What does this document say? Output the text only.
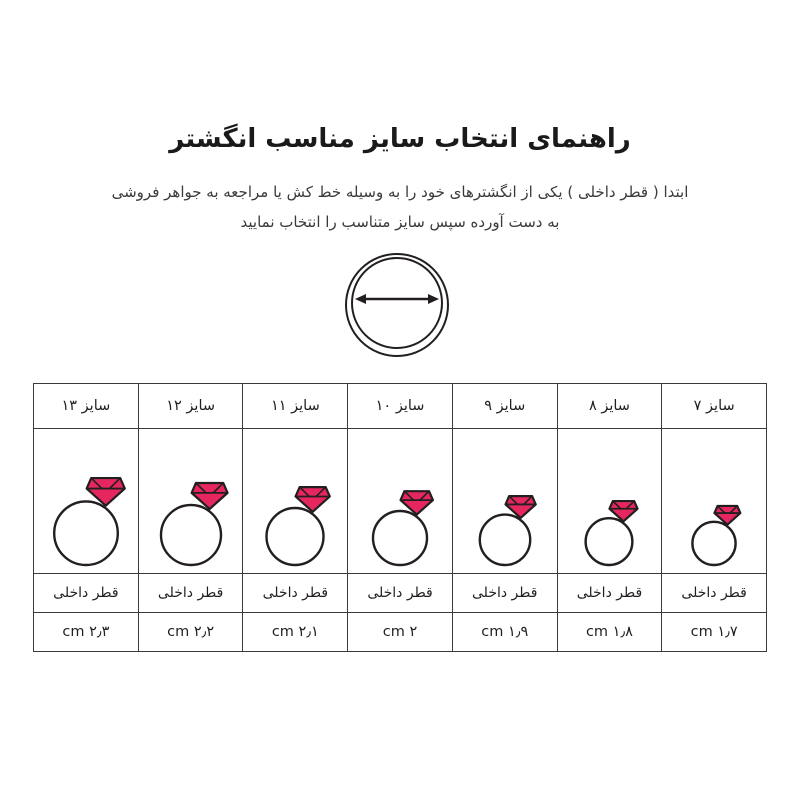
راهنمای انتخاب سایز مناسب انگشتر
ابتدا ( قطر داخلی ) یکی از انگشترهای خود را به وسیله خط کش یا مراجعه به جواهر فروشی
به دست آورده سپس سایز متناسب را انتخاب نمایید
سایز ۷	سایز ۸	سایز ۹	سایز ۱۰	سایز ۱۱	سایز ۱۲	سایز ۱۳

قطر داخلی	قطر داخلی	قطر داخلی	قطر داخلی	قطر داخلی	قطر داخلی	قطر داخلی
۱٫۷ cm	۱٫۸ cm	۱٫۹ cm	۲ cm	۲٫۱ cm	۲٫۲ cm	۲٫۳ cm
